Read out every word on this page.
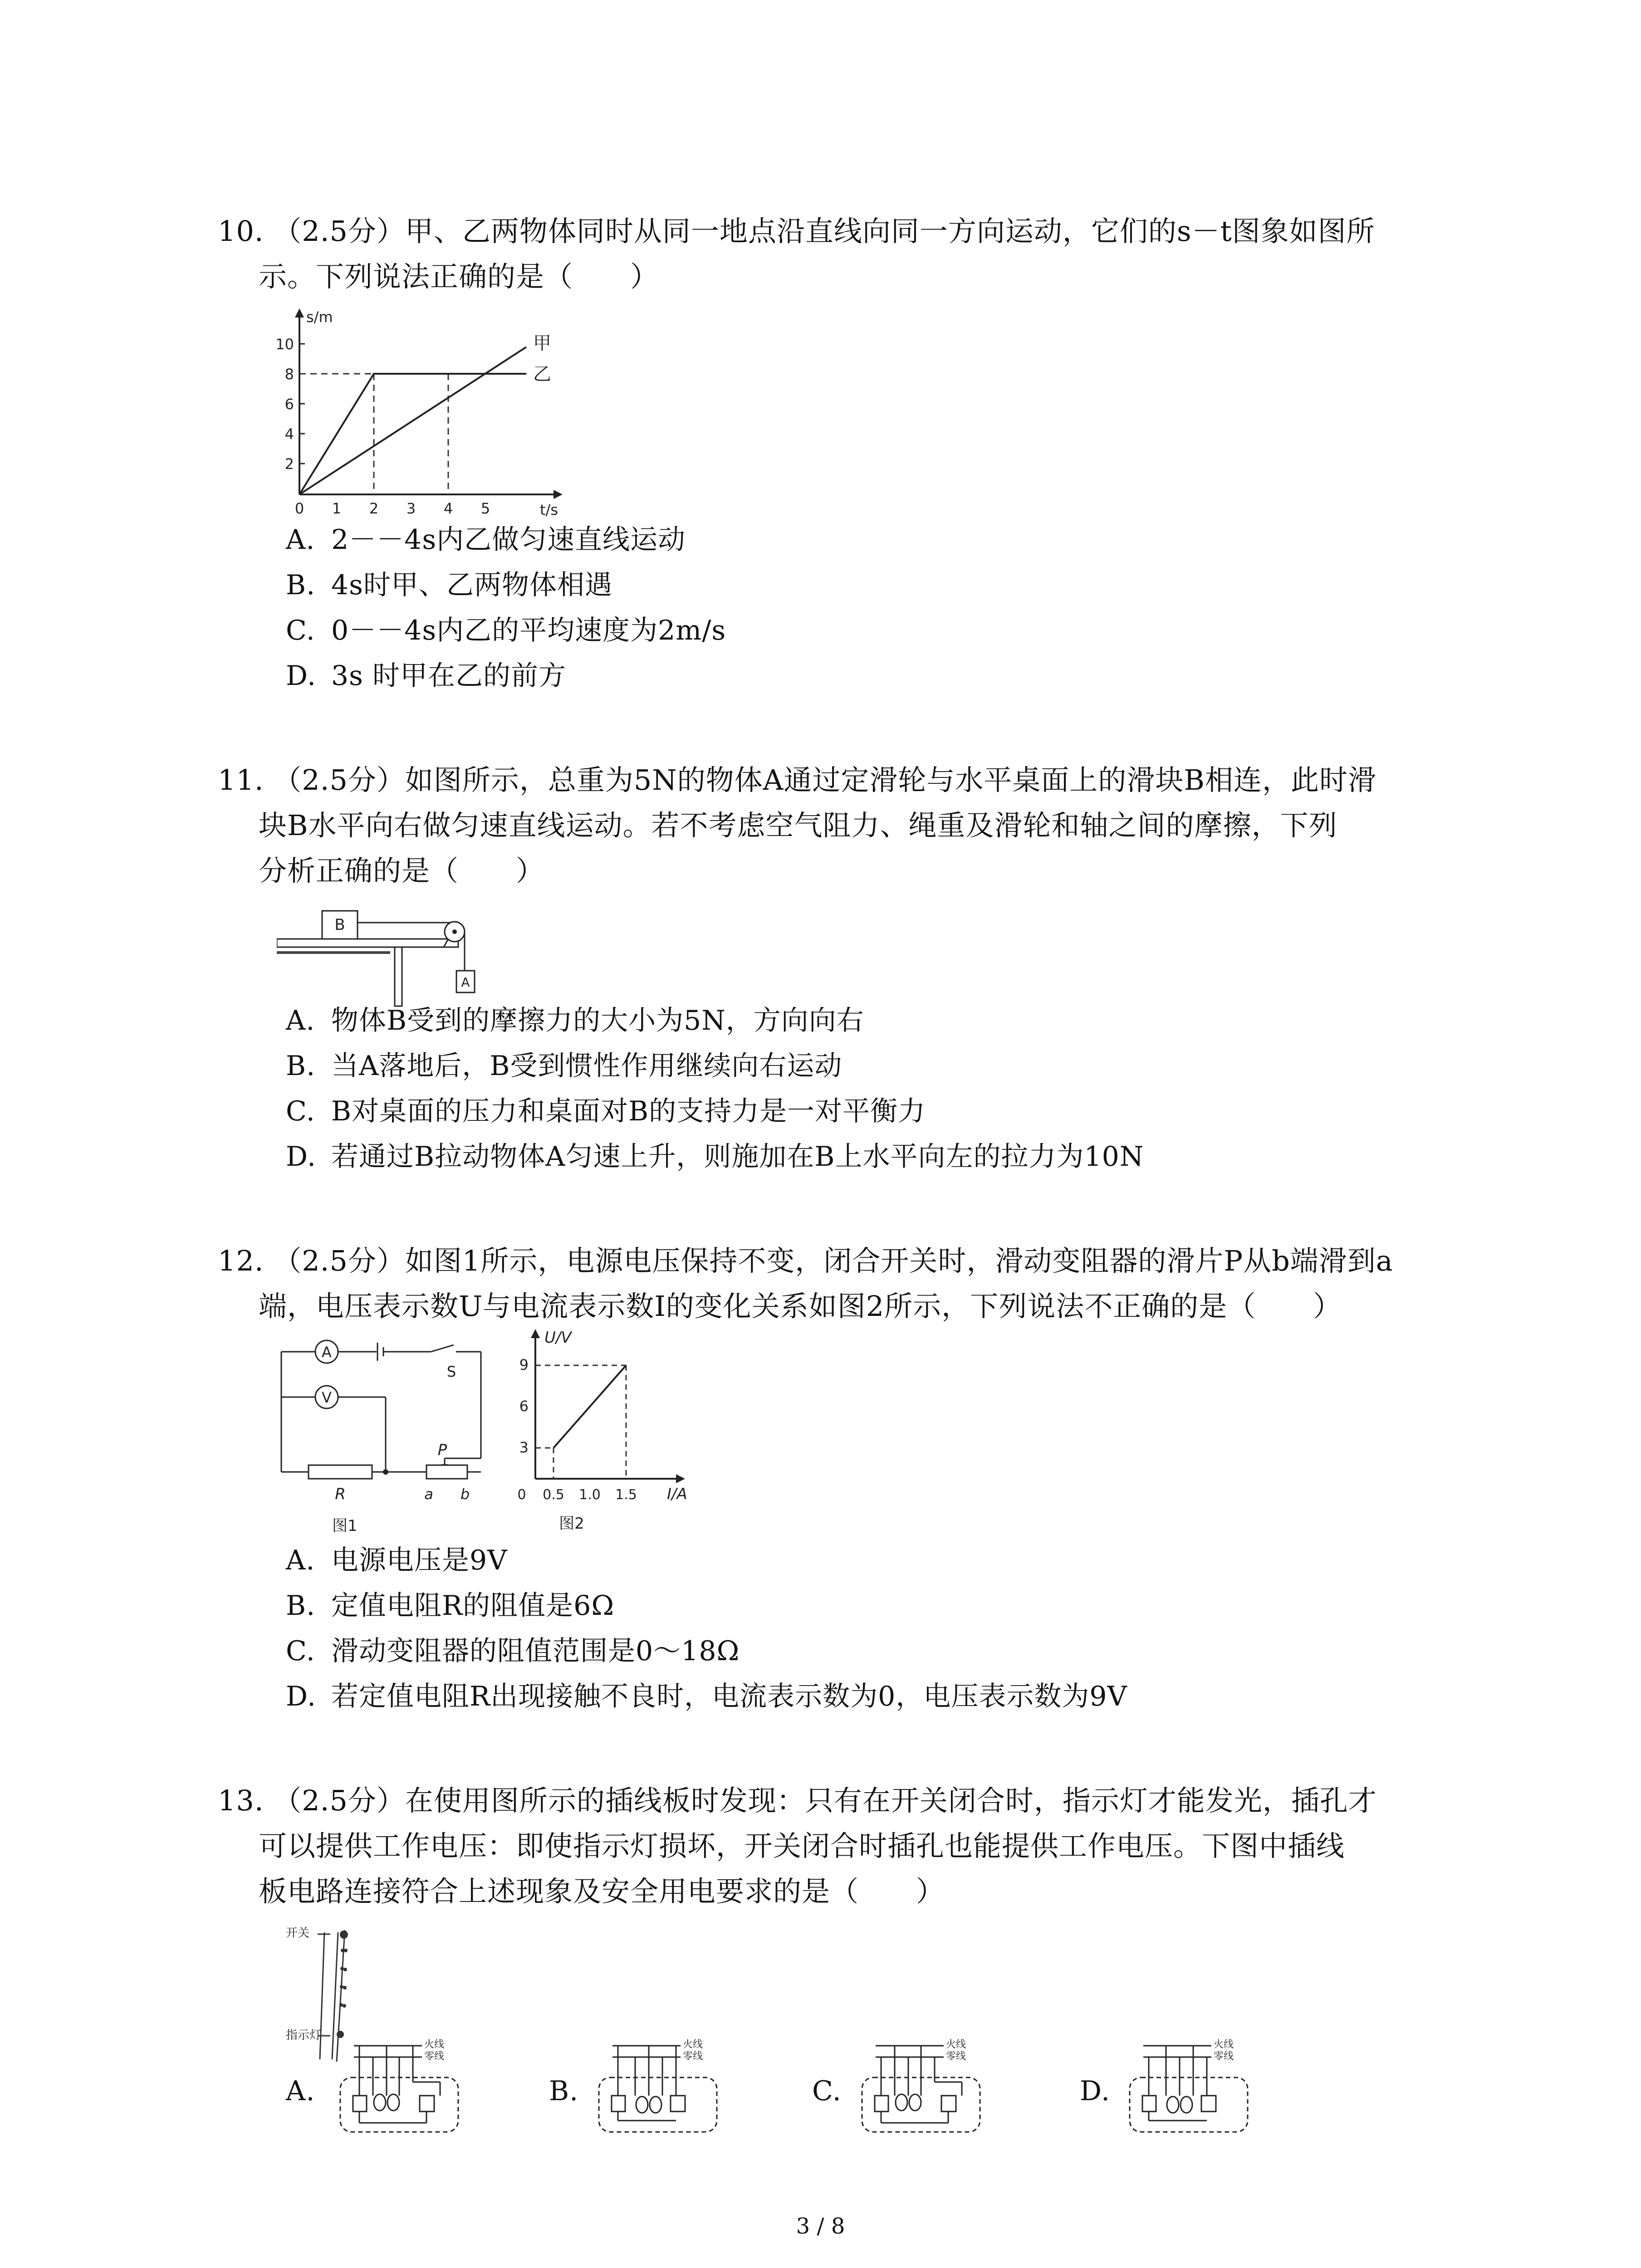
10. （2.5分）甲、乙两物体同时从同一地点沿直线向同一方向运动，它们的s－t图象如图所
示。下列说法正确的是（　　）
s/m
t/s
10
8
6
4
2
0 1 2 3 4 5
甲
乙
A. 2－－4s内乙做匀速直线运动
B. 4s时甲、乙两物体相遇
C. 0－－4s内乙的平均速度为2m/s
D. 3s 时甲在乙的前方
11. （2.5分）如图所示，总重为5N的物体A通过定滑轮与水平桌面上的滑块B相连，此时滑
块B水平向右做匀速直线运动。若不考虑空气阻力、绳重及滑轮和轴之间的摩擦，下列
分析正确的是（　　）
B
A
A. 物体B受到的摩擦力的大小为5N，方向向右
B. 当A落地后，B受到惯性作用继续向右运动
C. B对桌面的压力和桌面对B的支持力是一对平衡力
D. 若通过B拉动物体A匀速上升，则施加在B上水平向左的拉力为10N
12. （2.5分）如图1所示，电源电压保持不变，闭合开关时，滑动变阻器的滑片P从b端滑到a
端，电压表示数U与电流表示数I的变化关系如图2所示，下列说法不正确的是（　　）
A
V
S
R
P
a b
图1
U/V
I/A
9
6
3
0 0.5 1.0 1.5
图2
A. 电源电压是9V
B. 定值电阻R的阻值是6Ω
C. 滑动变阻器的阻值范围是0～18Ω
D. 若定值电阻R出现接触不良时，电流表示数为0，电压表示数为9V
13. （2.5分）在使用图所示的插线板时发现：只有在开关闭合时，指示灯才能发光，插孔才
可以提供工作电压：即使指示灯损坏，开关闭合时插孔也能提供工作电压。下图中插线
板电路连接符合上述现象及安全用电要求的是（　　）
开关
指示灯
A.
火线
零线
B.
火线
零线
C.
火线
零线
D.
火线
零线
3 / 8
